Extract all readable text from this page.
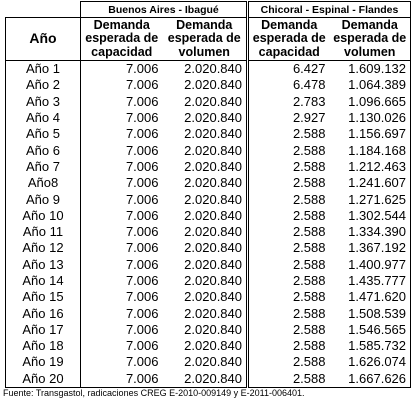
	Buenos Aires - Ibagué		Chicoral - Espinal - Flandes	
Año	Demanda esperada de capacidad	Demanda esperada de volumen	Demanda esperada de capacidad	Demanda esperada de volumen
Año 1	7.006	2.020.840	6.427	1.609.132
Año 2	7.006	2.020.840	6.478	1.064.389
Año 3	7.006	2.020.840	2.783	1.096.665
Año 4	7.006	2.020.840	2.927	1.130.026
Año 5	7.006	2.020.840	2.588	1.156.697
Año 6	7.006	2.020.840	2.588	1.184.168
Año 7	7.006	2.020.840	2.588	1.212.463
Año8	7.006	2.020.840	2.588	1.241.607
Año 9	7.006	2.020.840	2.588	1.271.625
Año 10	7.006	2.020.840	2.588	1.302.544
Año 11	7.006	2.020.840	2.588	1.334.390
Año 12	7.006	2.020.840	2.588	1.367.192
Año 13	7.006	2.020.840	2.588	1.400.977
Año 14	7.006	2.020.840	2.588	1.435.777
Año 15	7.006	2.020.840	2.588	1.471.620
Año 16	7.006	2.020.840	2.588	1.508.539
Año 17	7.006	2.020.840	2.588	1.546.565
Año 18	7.006	2.020.840	2.588	1.585.732
Año 19	7.006	2.020.840	2.588	1.626.074
Año 20	7.006	2.020.840	2.588	1.667.626
Fuente: Transgastol, radicaciones CREG E-2010-009149 y E-2011-006401.
